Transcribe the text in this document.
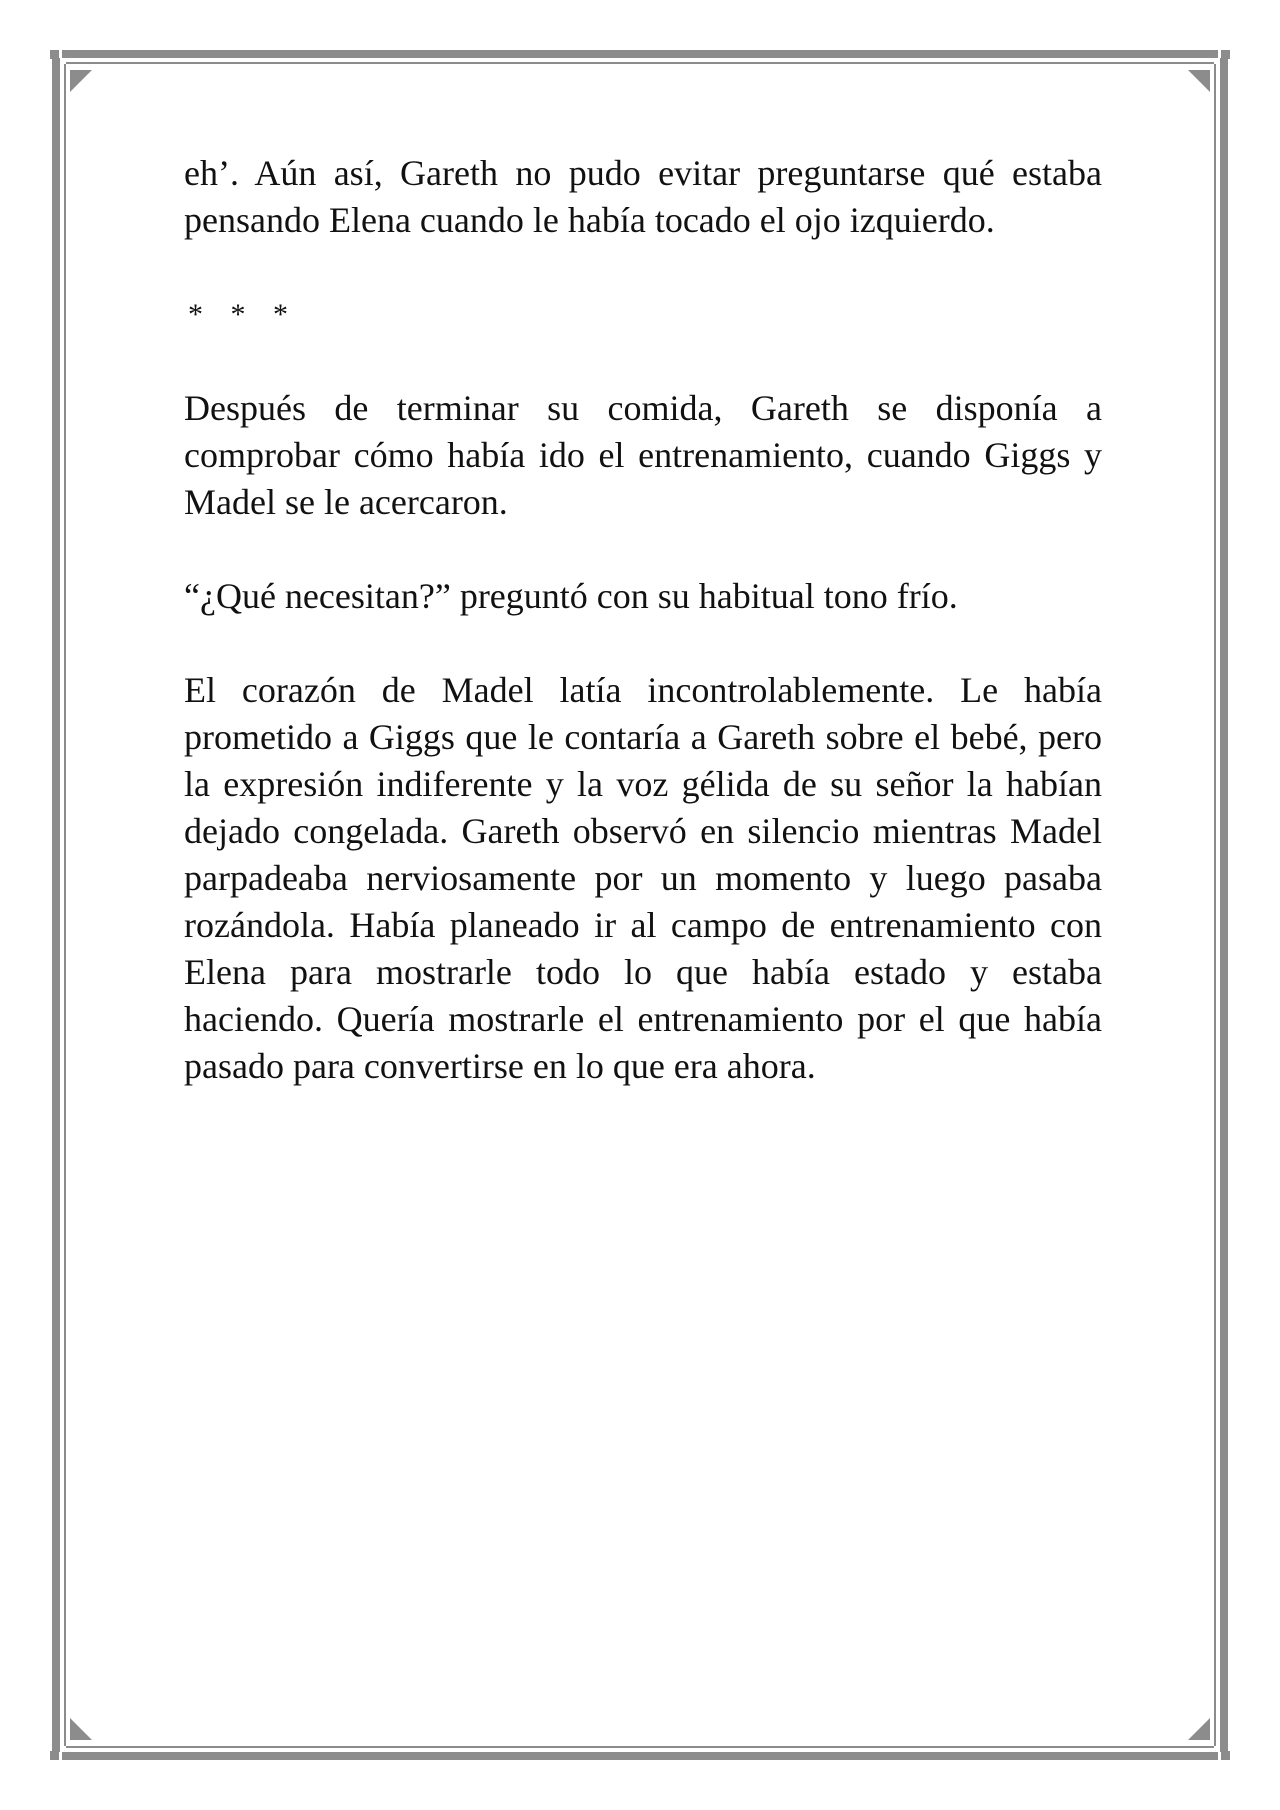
eh’. Aún así, Gareth no pudo evitar preguntarse qué estaba pensando Elena cuando le había tocado el ojo izquierdo.

* * *

Después de terminar su comida, Gareth se disponía a comprobar cómo había ido el entrenamiento, cuando Giggs y Madel se le acercaron.

“¿Qué necesitan?” preguntó con su habitual tono frío.

El corazón de Madel latía incontrolablemente. Le había prometido a Giggs que le contaría a Gareth sobre el bebé, pero la expresión indiferente y la voz gélida de su señor la habían dejado congelada. Gareth observó en silencio mientras Madel parpadeaba nerviosamente por un momento y luego pasaba rozándola. Había planeado ir al campo de entrenamiento con Elena para mostrarle todo lo que había estado y estaba haciendo. Quería mostrarle el entrenamiento por el que había pasado para convertirse en lo que era ahora.
